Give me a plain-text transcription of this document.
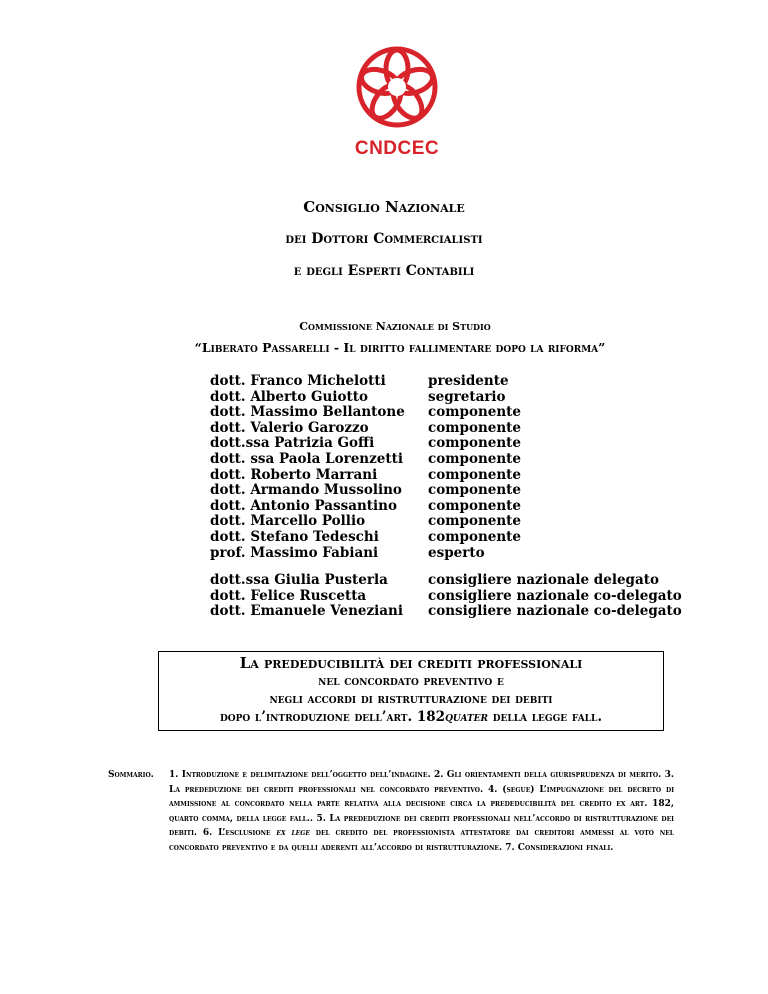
CNDCEC
Consiglio Nazionale
dei Dottori Commercialisti
e degli Esperti Contabili
Commissione Nazionale di Studio
“Liberato Passarelli - Il diritto fallimentare dopo la riforma”
dott. Franco Michelotti	presidente
dott. Alberto Guiotto	segretario
dott. Massimo Bellantone	componente
dott. Valerio Garozzo	componente
dott.ssa Patrizia Goffi	componente
dott. ssa Paola Lorenzetti	componente
dott. Roberto Marrani	componente
dott. Armando Mussolino	componente
dott. Antonio Passantino	componente
dott. Marcello Pollio	componente
dott. Stefano Tedeschi	componente
prof. Massimo Fabiani	esperto
dott.ssa Giulia Pusterla	consigliere nazionale delegato
dott. Felice Ruscetta	consigliere nazionale co-delegato
dott. Emanuele Veneziani	consigliere nazionale co-delegato
La prededucibilità dei crediti professionali
nel concordato preventivo e
negli accordi di ristrutturazione dei debiti
dopo l’introduzione dell’art. 182quater della legge fall.
Sommario.	1. Introduzione e delimitazione dell’oggetto dell’indagine. 2. Gli orientamenti della giurisprudenza di merito. 3. La prededuzione dei crediti professionali nel concordato preventivo. 4. (segue) L’impugnazione del decreto di ammissione al concordato nella parte relativa alla decisione circa la prededucibilità del credito ex art. 182, quarto comma, della legge fall.. 5. La prededuzione dei crediti professionali nell’accordo di ristrutturazione dei debiti. 6. L’esclusione ex lege del credito del professionista attestatore dai creditori ammessi al voto nel concordato preventivo e da quelli aderenti all’accordo di ristrutturazione. 7. Considerazioni finali.
